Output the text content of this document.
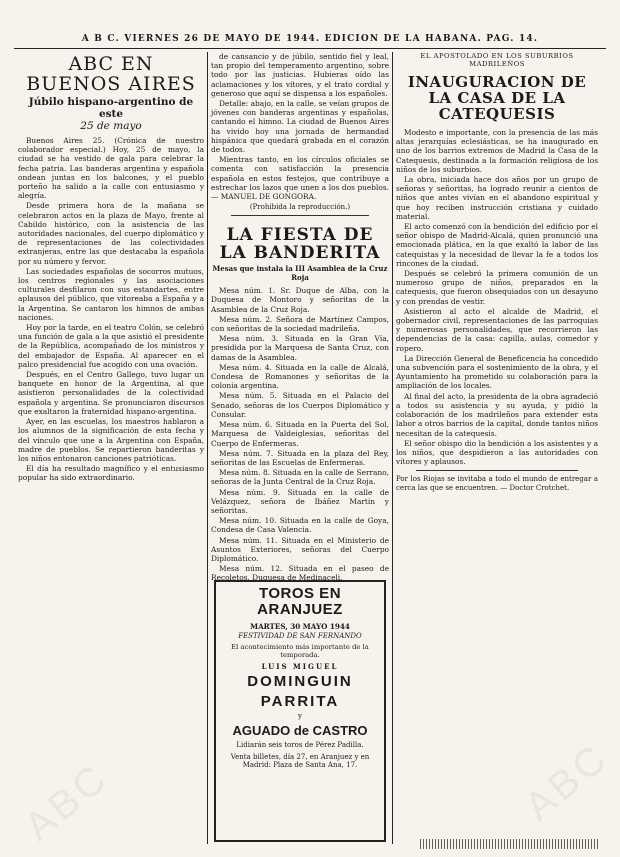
A B C. VIERNES 26 DE MAYO DE 1944. EDICION DE LA HABANA. PAG. 14.
ABC EN BUENOS AIRES
Júbilo hispano-argentino de este
25 de mayo

Buenos Aires 25. (Crónica de nuestro colaborador especial.) Hoy, 25 de mayo, la ciudad se ha vestido de gala para celebrar la fecha patria. Las banderas argentina y española ondean juntas en los balcones, y el pueblo porteño ha salido a la calle con entusiasmo y alegría.

Desde primera hora de la mañana se celebraron actos en la plaza de Mayo, frente al Cabildo histórico, con la asistencia de las autoridades nacionales, del cuerpo diplomático y de representaciones de las colectividades extranjeras, entre las que destacaba la española por su número y fervor.

Las sociedades españolas de socorros mutuos, los centros regionales y las asociaciones culturales desfilaron con sus estandartes, entre aplausos del público, que vitoreaba a España y a la Argentina. Se cantaron los himnos de ambas naciones.

Hoy por la tarde, en el teatro Colón, se celebró una función de gala a la que asistió el presidente de la República, acompañado de los ministros y del embajador de España. Al aparecer en el palco presidencial fue acogido con una ovación.

Después, en el Centro Gallego, tuvo lugar un banquete en honor de la Argentina, al que asistieron personalidades de la colectividad española y argentina. Se pronunciaron discursos que exaltaron la fraternidad hispano-argentina.

Ayer, en las escuelas, los maestros hablaron a los alumnos de la significación de esta fecha y del vínculo que une a la Argentina con España, madre de pueblos. Se repartieron banderitas y los niños entonaron canciones patrióticas.

El día ha resultado magnífico y el entusiasmo popular ha sido extraordinario.

de cansancio y de júbilo, sentido fiel y leal, tan propio del temperamento argentino, sobre todo por las justicias. Hubieras oído las aclamaciones y los vítores, y el trato cordial y generoso que aquí se dispensa a los españoles.

Detalle: abajo, en la calle, se veían grupos de jóvenes con banderas argentinas y españolas, cantando el himno. La ciudad de Buenos Aires ha vivido hoy una jornada de hermandad hispánica que quedará grabada en el corazón de todos.

Mientras tanto, en los círculos oficiales se comenta con satisfacción la presencia española en estos festejos, que contribuye a estrechar los lazos que unen a los dos pueblos. — MANUEL DE GONGORA.

(Prohibida la reproducción.)
LA FIESTA DE LA BANDERITA
Mesas que instala la III Asamblea de la Cruz Roja

Mesa núm. 1. Sr. Duque de Alba, con la Duquesa de Montoro y señoritas de la Asamblea de la Cruz Roja.

Mesa núm. 2. Señora de Martínez Campos, con señoritas de la sociedad madrileña.

Mesa núm. 3. Situada en la Gran Vía, presidida por la Marquesa de Santa Cruz, con damas de la Asamblea.

Mesa núm. 4. Situada en la calle de Alcalá, Condesa de Romanones y señoritas de la colonia argentina.

Mesa núm. 5. Situada en el Palacio del Senado, señoras de los Cuerpos Diplomático y Consular.

Mesa núm. 6. Situada en la Puerta del Sol, Marquesa de Valdeiglesias, señoritas del Cuerpo de Enfermeras.

Mesa núm. 7. Situada en la plaza del Rey, señoritas de las Escuelas de Enfermeras.

Mesa núm. 8. Situada en la calle de Serrano, señoras de la Junta Central de la Cruz Roja.

Mesa núm. 9. Situada en la calle de Velázquez, señora de Ibáñez Martín y señoritas.

Mesa núm. 10. Situada en la calle de Goya, Condesa de Casa Valencia.

Mesa núm. 11. Situada en el Ministerio de Asuntos Exteriores, señoras del Cuerpo Diplomático.

Mesa núm. 12. Situada en el paseo de Recoletos, Duquesa de Medinaceli.

TOROS EN ARANJUEZ
MARTES, 30 MAYO 1944
FESTIVIDAD DE SAN FERNANDO
El acontecimiento más importante de la temporada.
LUIS MIGUEL
DOMINGUIN
PARRITA
y
AGUADO de CASTRO
Lidiarán seis toros de Pérez Padilla.
Venta billetes, día 27, en Aranjuez y en Madrid: Plaza de Santa Ana, 17.
EL APOSTOLADO EN LOS SUBURBIOS MADRILEÑOS
INAUGURACION DE LA CASA DE LA CATEQUESIS

Modesto e importante, con la presencia de las más altas jerarquías eclesiásticas, se ha inaugurado en uno de los barrios extremos de Madrid la Casa de la Catequesis, destinada a la formación religiosa de los niños de los suburbios.

La obra, iniciada hace dos años por un grupo de señoras y señoritas, ha logrado reunir a cientos de niños que antes vivían en el abandono espiritual y que hoy reciben instrucción cristiana y cuidado material.

El acto comenzó con la bendición del edificio por el señor obispo de Madrid-Alcalá, quien pronunció una emocionada plática, en la que exaltó la labor de las catequistas y la necesidad de llevar la fe a todos los rincones de la ciudad.

Después se celebró la primera comunión de un numeroso grupo de niños, preparados en la catequesis, que fueron obsequiados con un desayuno y con prendas de vestir.

Asistieron al acto el alcalde de Madrid, el gobernador civil, representaciones de las parroquias y numerosas personalidades, que recorrieron las dependencias de la casa: capilla, aulas, comedor y ropero.

La Dirección General de Beneficencia ha concedido una subvención para el sostenimiento de la obra, y el Ayuntamiento ha prometido su colaboración para la ampliación de los locales.

Al final del acto, la presidenta de la obra agradeció a todos su asistencia y su ayuda, y pidió la colaboración de los madrileños para extender esta labor a otros barrios de la capital, donde tantos niños necesitan de la catequesis.

El señor obispo dio la bendición a los asistentes y a los niños, que despidieron a las autoridades con vítores y aplausos.

Por los Riojas se invitaba a todo el mundo de entregar a cerca las que se encuentren. — Doctor Crotchet.
ABC	ABC
